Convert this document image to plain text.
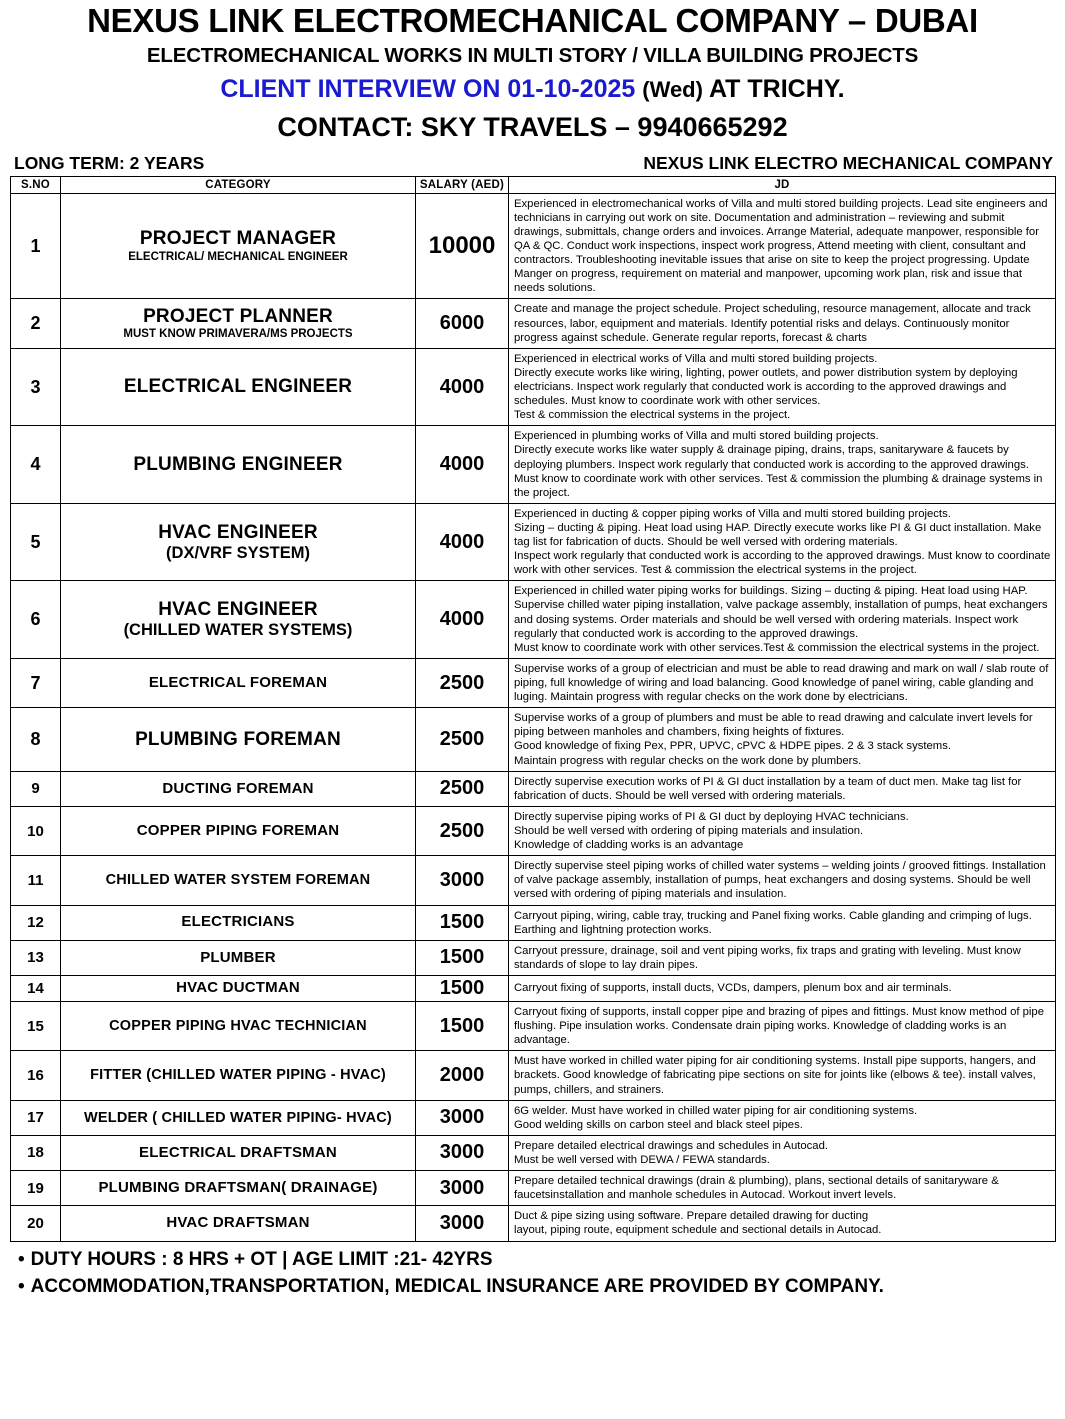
NEXUS LINK ELECTROMECHANICAL COMPANY – DUBAI
ELECTROMECHANICAL WORKS IN MULTI STORY / VILLA BUILDING PROJECTS
CLIENT INTERVIEW ON 01-10-2025 (Wed) AT TRICHY.
CONTACT: SKY TRAVELS – 9940665292
LONG TERM: 2 YEARS	NEXUS LINK ELECTRO MECHANICAL COMPANY
S.NO	CATEGORY	SALARY (AED)	JD
1	PROJECT MANAGER
ELECTRICAL/ MECHANICAL ENGINEER	10000	Experienced in electromechanical works of Villa and multi stored building projects. Lead site engineers and technicians in carrying out work on site. Documentation and administration – reviewing and submit drawings, submittals, change orders and invoices. Arrange Material, adequate manpower, responsible for QA & QC. Conduct work inspections, inspect work progress, Attend meeting with client, consultant and contractors. Troubleshooting inevitable issues that arise on site to keep the project progressing. Update Manger on progress, requirement on material and manpower, upcoming work plan, risk and issue that needs solutions.

2	PROJECT PLANNER
MUST KNOW PRIMAVERA/MS PROJECTS	6000	Create and manage the project schedule. Project scheduling, resource management, allocate and track resources, labor, equipment and materials. Identify potential risks and delays. Continuously monitor progress against schedule. Generate regular reports, forecast & charts

3	ELECTRICAL ENGINEER	4000	Experienced in electrical works of Villa and multi stored building projects.
Directly execute works like wiring, lighting, power outlets, and power distribution system by deploying electricians. Inspect work regularly that conducted work is according to the approved drawings and schedules. Must know to coordinate work with other services.
Test & commission the electrical systems in the project.

4	PLUMBING ENGINEER	4000	Experienced in plumbing works of Villa and multi stored building projects.
Directly execute works like water supply & drainage piping, drains, traps, sanitaryware & faucets by deploying plumbers. Inspect work regularly that conducted work is according to the approved drawings. Must know to coordinate work with other services. Test & commission the plumbing & drainage systems in the project.

5	HVAC ENGINEER
(DX/VRF SYSTEM)	4000	
Experienced in ducting & copper piping works of Villa and multi stored building projects.
Sizing – ducting & piping. Heat load using HAP. Directly execute works like PI & GI duct installation. Make tag list for fabrication of ducts. Should be well versed with ordering materials.
Inspect work regularly that conducted work is according to the approved drawings. Must know to coordinate work with other services. Test & commission the electrical systems in the project.

6	HVAC ENGINEER
(CHILLED WATER SYSTEMS)	4000	
Experienced in chilled water piping works for buildings. Sizing – ducting & piping. Heat load using HAP. Supervise chilled water piping installation, valve package assembly, installation of pumps, heat exchangers and dosing systems. Order materials and should be well versed with ordering materials. Inspect work regularly that conducted work is according to the approved drawings.
Must know to coordinate work with other services.Test & commission the electrical systems in the project.

7	ELECTRICAL FOREMAN	2500	Supervise works of a group of electrician and must be able to read drawing and mark on wall / slab route of piping, full knowledge of wiring and load balancing. Good knowledge of panel wiring, cable glanding and luging. Maintain progress with regular checks on the work done by electricians.

8	PLUMBING FOREMAN	2500	Supervise works of a group of plumbers and must be able to read drawing and calculate invert levels for piping between manholes and chambers, fixing heights of fixtures.
Good knowledge of fixing Pex, PPR, UPVC, cPVC & HDPE pipes. 2 & 3 stack systems.
Maintain progress with regular checks on the work done by plumbers.

9	DUCTING FOREMAN	2500	Directly supervise execution works of PI & GI duct installation by a team of duct men. Make tag list for fabrication of ducts. Should be well versed with ordering materials.

10	COPPER PIPING FOREMAN	2500	Directly supervise piping works of PI & GI duct by deploying HVAC technicians.
Should be well versed with ordering of piping materials and insulation.
Knowledge of cladding works is an advantage

11	CHILLED WATER SYSTEM FOREMAN	3000	Directly supervise steel piping works of chilled water systems – welding joints / grooved fittings. Installation of valve package assembly, installation of pumps, heat exchangers and dosing systems. Should be well versed with ordering of piping materials and insulation.

12	ELECTRICIANS	1500	Carryout piping, wiring, cable tray, trucking and Panel fixing works. Cable glanding and crimping of lugs. Earthing and lightning protection works.

13	PLUMBER	1500	Carryout pressure, drainage, soil and vent piping works, fix traps and grating with leveling. Must know standards of slope to lay drain pipes.

14	HVAC DUCTMAN	1500	Carryout fixing of supports, install ducts, VCDs, dampers, plenum box and air terminals.

15	COPPER PIPING HVAC TECHNICIAN	1500	Carryout fixing of supports, install copper pipe and brazing of pipes and fittings. Must know method of pipe flushing. Pipe insulation works. Condensate drain piping works. Knowledge of cladding works is an advantage.

16	FITTER (CHILLED WATER PIPING - HVAC)	2000	Must have worked in chilled water piping for air conditioning systems. Install pipe supports, hangers, and brackets. Good knowledge of fabricating pipe sections on site for joints like (elbows & tee). install valves, pumps, chillers, and strainers.

17	WELDER ( CHILLED WATER PIPING- HVAC)	3000	6G welder. Must have worked in chilled water piping for air conditioning systems.
Good welding skills on carbon steel and black steel pipes.

18	ELECTRICAL DRAFTSMAN	3000	Prepare detailed electrical drawings and schedules in Autocad.
Must be well versed with DEWA / FEWA standards.

19	PLUMBING DRAFTSMAN( DRAINAGE)	3000	Prepare detailed technical drawings (drain & plumbing), plans, sectional details of sanitaryware & faucetsinstallation and manhole schedules in Autocad. Workout invert levels.

20	HVAC DRAFTSMAN	3000	Duct & pipe sizing using software. Prepare detailed drawing for ducting
layout, piping route, equipment schedule and sectional details in Autocad.
• DUTY HOURS : 8 HRS + OT | AGE LIMIT :21- 42YRS
• ACCOMMODATION,TRANSPORTATION, MEDICAL INSURANCE ARE PROVIDED BY COMPANY.
